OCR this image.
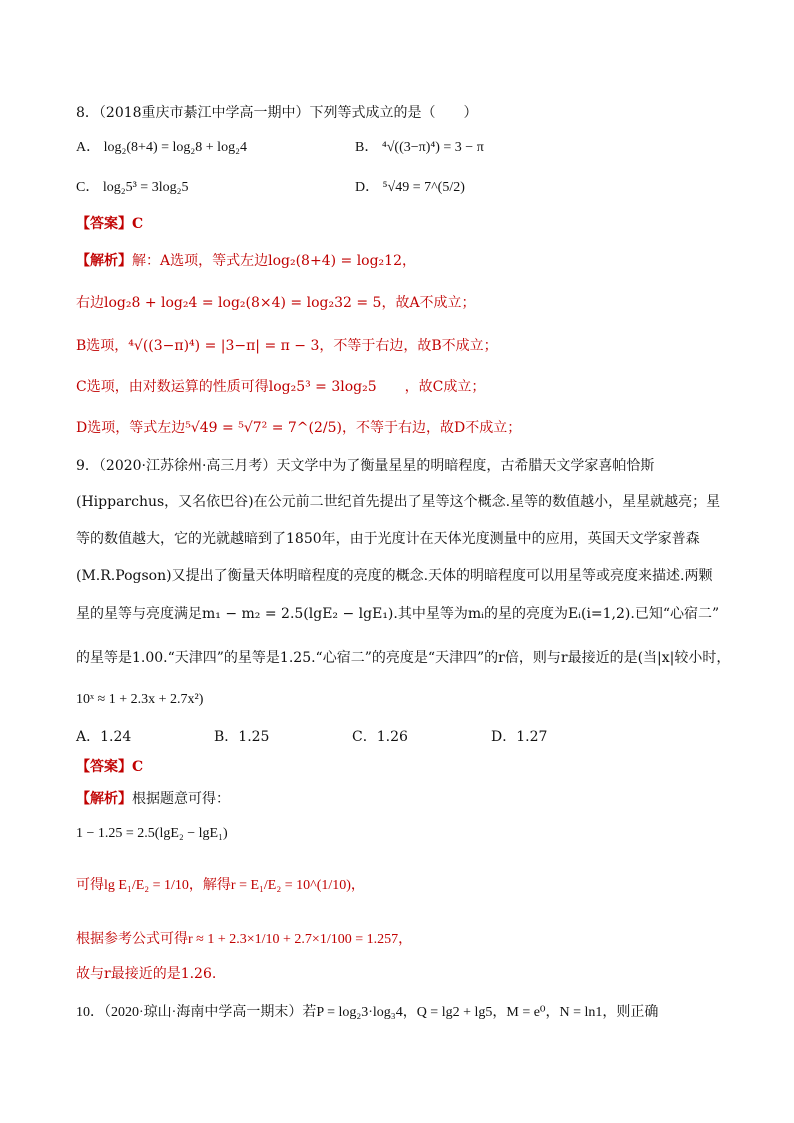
8．（2018重庆市綦江中学高一期中）下列等式成立的是（　　）
A． log₂(8+4) = log₂8 + log₂4	B． ⁴√((3−π)⁴) = 3 − π
C． log₂5³ = 3log₂5	D． ⁵√49 = 7^(5/2)
【答案】C
【解析】解：A选项，等式左边log₂(8+4) = log₂12，
右边log₂8 + log₂4 = log₂(8×4) = log₂32 = 5，故A不成立；
B选项，⁴√((3−π)⁴) = |3−π| = π − 3，不等于右边，故B不成立；
C选项，由对数运算的性质可得log₂5³ = 3log₂5　　，故C成立；
D选项，等式左边⁵√49 = ⁵√7² = 7^(2/5)，不等于右边，故D不成立；
9．（2020·江苏徐州·高三月考）天文学中为了衡量星星的明暗程度，古希腊天文学家喜帕恰斯
(Hipparchus，又名依巴谷)在公元前二世纪首先提出了星等这个概念.星等的数值越小，星星就越亮；星
等的数值越大，它的光就越暗到了1850年，由于光度计在天体光度测量中的应用，英国天文学家普森
(M.R.Pogson)又提出了衡量天体明暗程度的亮度的概念.天体的明暗程度可以用星等或亮度来描述.两颗
星的星等与亮度满足m₁ − m₂ = 2.5(lgE₂ − lgE₁).其中星等为mᵢ的星的亮度为Eᵢ(i=1,2).已知“心宿二”
的星等是1.00.“天津四”的星等是1.25.“心宿二”的亮度是“天津四”的r倍，则与r最接近的是(当|x|较小时，
10ˣ ≈ 1 + 2.3x + 2.7x²)
A．1.24	B．1.25	C．1.26	D．1.27
【答案】C
【解析】根据题意可得：
1 − 1.25 = 2.5(lgE₂ − lgE₁)
可得lg E₁/E₂ = 1/10，解得r = E₁/E₂ = 10^(1/10)，
根据参考公式可得r ≈ 1 + 2.3×1/10 + 2.7×1/100 = 1.257，
故与r最接近的是1.26.
10．（2020·琼山·海南中学高一期末）若P = log₂3·log₃4，Q = lg2 + lg5，M = e⁰，N = ln1，则正确
